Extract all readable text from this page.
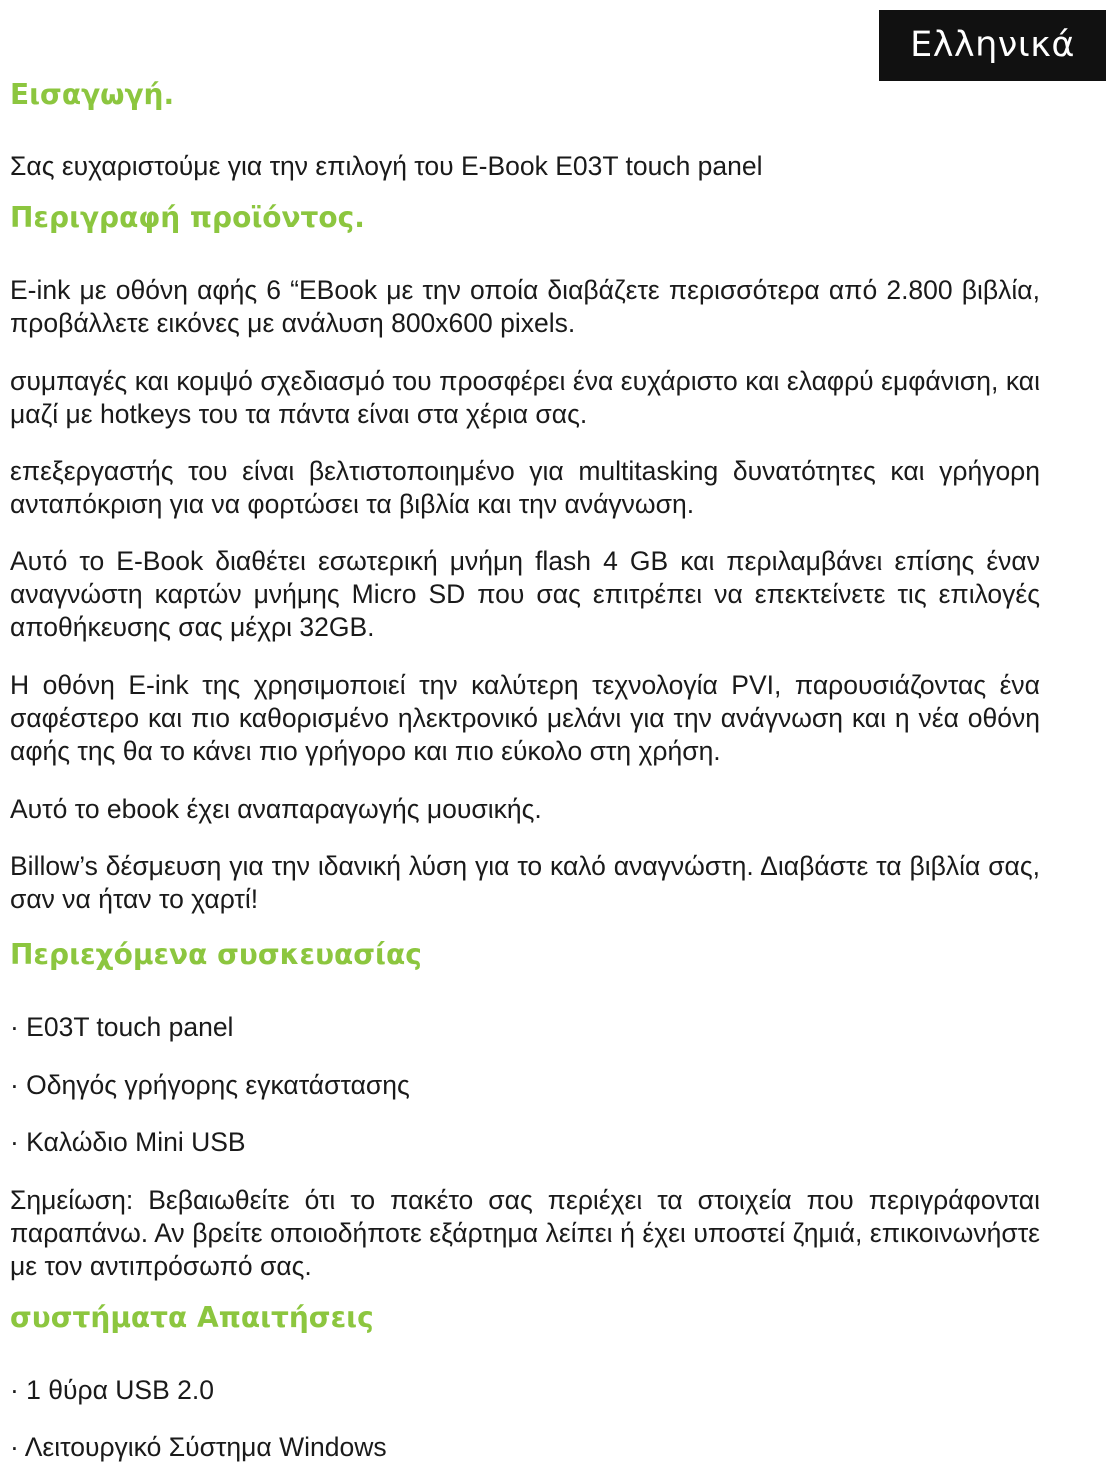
Ελληνικά
Εισαγωγή.

Σας ευχαριστούμε για την επιλογή του E-Book E03T touch panel

Περιγραφή προϊόντος.

E-ink με οθόνη αφής 6 “EBook με την οποία διαβάζετε περισσότερα από 2.800 βιβλία, προβάλλετε εικόνες με ανάλυση 800x600 pixels.

συμπαγές και κομψό σχεδιασμό του προσφέρει ένα ευχάριστο και ελαφρύ εμφάνιση, και μαζί με hotkeys του τα πάντα είναι στα χέρια σας.

επεξεργαστής του είναι βελτιστοποιημένο για multitasking δυνατότητες και γρήγορη ανταπόκριση για να φορτώσει τα βιβλία και την ανάγνωση.

Αυτό το E-Book διαθέτει εσωτερική μνήμη flash 4 GB και περιλαμβάνει επίσης έναν αναγνώστη καρτών μνήμης Micro SD που σας επιτρέπει να επεκτείνετε τις επιλογές αποθήκευσης σας μέχρι 32GB.

Η οθόνη E-ink της χρησιμοποιεί την καλύτερη τεχνολογία PVI, παρουσιάζοντας ένα σαφέστερο και πιο καθορισμένο ηλεκτρονικό μελάνι για την ανάγνωση και η νέα οθόνη αφής της θα το κάνει πιο γρήγορο και πιο εύκολο στη χρήση.

Αυτό το ebook έχει αναπαραγωγής μουσικής.

Billow’s δέσμευση για την ιδανική λύση για το καλό αναγνώστη. Διαβάστε τα βιβλία σας, σαν να ήταν το χαρτί!

Περιεχόμενα συσκευασίας

· E03T touch panel

· Οδηγός γρήγορης εγκατάστασης

· Καλώδιο Mini USB

Σημείωση: Βεβαιωθείτε ότι το πακέτο σας περιέχει τα στοιχεία που περιγράφονται παραπάνω. Αν βρείτε οποιοδήποτε εξάρτημα λείπει ή έχει υποστεί ζημιά, επικοινωνήστε με τον αντιπρόσωπό σας.

συστήματα Απαιτήσεις

· 1 θύρα USB 2.0

· Λειτουργικό Σύστημα Windows
